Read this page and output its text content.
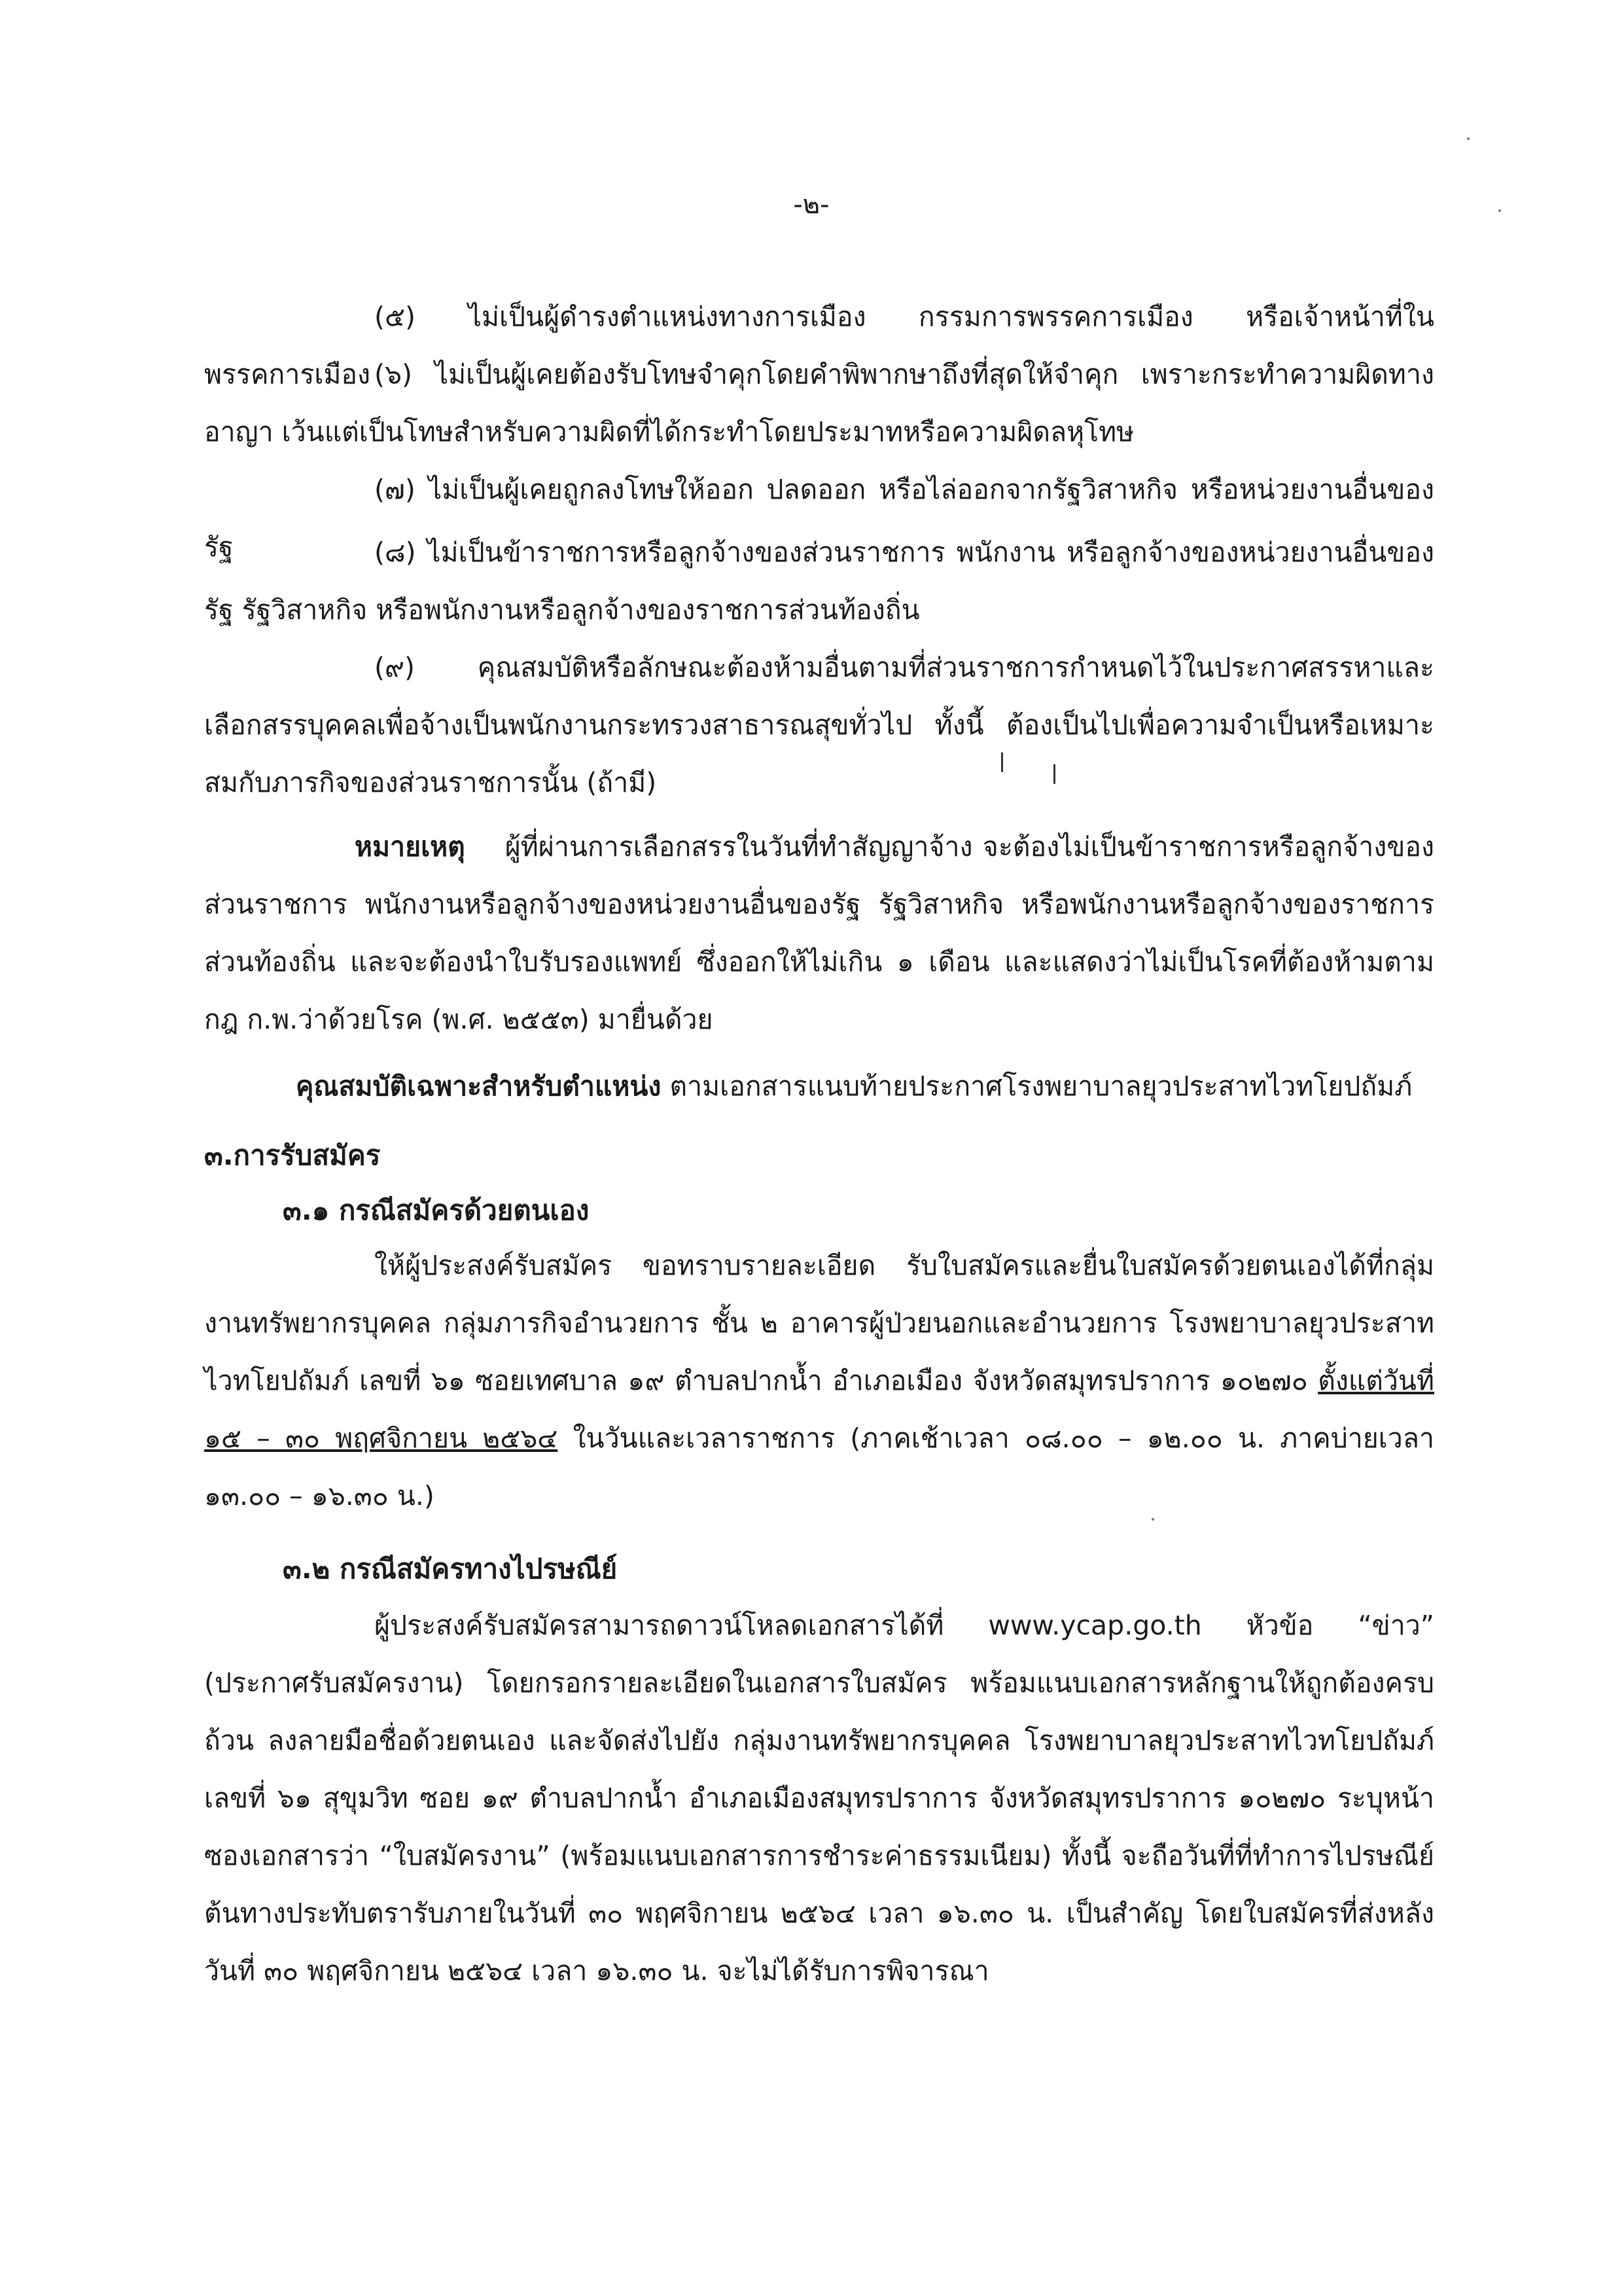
-๒-
(๕) ไม่เป็นผู้ดำรงตำแหน่งทางการเมือง กรรมการพรรคการเมือง หรือเจ้าหน้าที่ในพรรคการเมือง (๖) ไม่เป็นผู้เคยต้องรับโทษจำคุกโดยคำพิพากษาถึงที่สุดให้จำคุก เพราะกระทำความผิดทางอาญา เว้นแต่เป็นโทษสำหรับความผิดที่ได้กระทำโดยประมาทหรือความผิดลหุโทษ
(๗) ไม่เป็นผู้เคยถูกลงโทษให้ออก ปลดออก หรือไล่ออกจากรัฐวิสาหกิจ หรือหน่วยงานอื่นของรัฐ	(๘) ไม่เป็นข้าราชการหรือลูกจ้างของส่วนราชการ พนักงาน หรือลูกจ้างของหน่วยงานอื่นของรัฐ รัฐวิสาหกิจ หรือพนักงานหรือลูกจ้างของราชการส่วนท้องถิ่น
(๙) คุณสมบัติหรือลักษณะต้องห้ามอื่นตามที่ส่วนราชการกำหนดไว้ในประกาศสรรหาและเลือกสรรบุคคลเพื่อจ้างเป็นพนักงานกระทรวงสาธารณสุขทั่วไป ทั้งนี้ ต้องเป็นไปเพื่อความจำเป็นหรือเหมาะสมกับภารกิจของส่วนราชการนั้น (ถ้ามี)
หมายเหตุ ผู้ที่ผ่านการเลือกสรรในวันที่ทำสัญญาจ้าง จะต้องไม่เป็นข้าราชการหรือลูกจ้างของส่วนราชการ พนักงานหรือลูกจ้างของหน่วยงานอื่นของรัฐ รัฐวิสาหกิจ หรือพนักงานหรือลูกจ้างของราชการส่วนท้องถิ่น และจะต้องนำใบรับรองแพทย์ ซึ่งออกให้ไม่เกิน ๑ เดือน และแสดงว่าไม่เป็นโรคที่ต้องห้ามตามกฎ ก.พ.ว่าด้วยโรค (พ.ศ. ๒๕๕๓) มายื่นด้วย
คุณสมบัติเฉพาะสำหรับตำแหน่ง ตามเอกสารแนบท้ายประกาศโรงพยาบาลยุวประสาทไวทโยปถัมภ์
๓.การรับสมัคร
๓.๑ กรณีสมัครด้วยตนเอง
ให้ผู้ประสงค์รับสมัคร ขอทราบรายละเอียด รับใบสมัครและยื่นใบสมัครด้วยตนเองได้ที่กลุ่มงานทรัพยากรบุคคล กลุ่มภารกิจอำนวยการ ชั้น ๒ อาคารผู้ป่วยนอกและอำนวยการ โรงพยาบาลยุวประสาทไวทโยปถัมภ์ เลขที่ ๖๑ ซอยเทศบาล ๑๙ ตำบลปากน้ำ อำเภอเมือง จังหวัดสมุทรปราการ ๑๐๒๗๐ ตั้งแต่วันที่ ๑๕ – ๓๐ พฤศจิกายน ๒๕๖๔ ในวันและเวลาราชการ (ภาคเช้าเวลา ๐๘.๐๐ – ๑๒.๐๐ น. ภาคบ่ายเวลา ๑๓.๐๐ – ๑๖.๓๐ น.)
๓.๒ กรณีสมัครทางไปรษณีย์
ผู้ประสงค์รับสมัครสามารถดาวน์โหลดเอกสารได้ที่ www.ycap.go.th หัวข้อ “ข่าว” (ประกาศรับสมัครงาน) โดยกรอกรายละเอียดในเอกสารใบสมัคร พร้อมแนบเอกสารหลักฐานให้ถูกต้องครบถ้วน ลงลายมือชื่อด้วยตนเอง และจัดส่งไปยัง กลุ่มงานทรัพยากรบุคคล โรงพยาบาลยุวประสาทไวทโยปถัมภ์ เลขที่ ๖๑ สุขุมวิท ซอย ๑๙ ตำบลปากน้ำ อำเภอเมืองสมุทรปราการ จังหวัดสมุทรปราการ ๑๐๒๗๐ ระบุหน้าซองเอกสารว่า “ใบสมัครงาน” (พร้อมแนบเอกสารการชำระค่าธรรมเนียม) ทั้งนี้ จะถือวันที่ที่ทำการไปรษณีย์ต้นทางประทับตรารับภายในวันที่ ๓๐ พฤศจิกายน ๒๕๖๔ เวลา ๑๖.๓๐ น. เป็นสำคัญ โดยใบสมัครที่ส่งหลังวันที่ ๓๐ พฤศจิกายน ๒๕๖๔ เวลา ๑๖.๓๐ น. จะไม่ได้รับการพิจารณา
